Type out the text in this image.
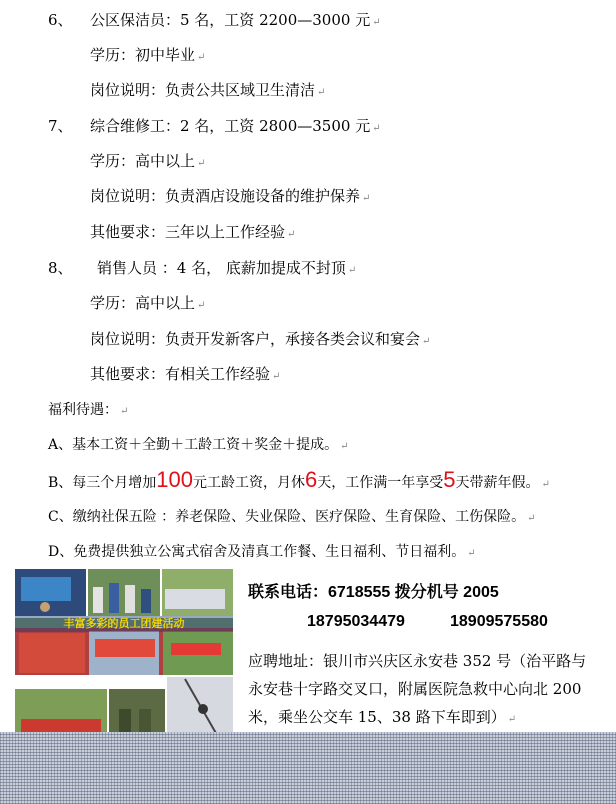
6、 公区保洁员：5 名，工资 2200—3000 元 ↵
学历：初中毕业 ↵
岗位说明：负责公共区域卫生清洁 ↵
7、 综合维修工：2 名，工资 2800—3500 元 ↵
学历：高中以上 ↵
岗位说明：负责酒店设施设备的维护保养 ↵
其他要求：三年以上工作经验 ↵
8、 销售人员 ：4 名， 底薪加提成不封顶 ↵
学历：高中以上 ↵
岗位说明：负责开发新客户，承接各类会议和宴会 ↵
其他要求：有相关工作经验 ↵
福利待遇： ↵
A、基本工资＋全勤＋工龄工资＋奖金＋提成。 ↵
B、每三个月增加100元工龄工资，月休6天，工作满一年享受5天带薪年假。 ↵
C、缴纳社保五险 ：养老保险、失业保险、医疗保险、生育保险、工伤保险。 ↵
D、免费提供独立公寓式宿舍及清真工作餐、生日福利、节日福利。 ↵
丰富多彩的员工团建活动
联系电话：6718555 拨分机号 2005
18795034479	18909575580
应聘地址：银川市兴庆区永安巷 352 号（治平路与永安巷十字路交叉口，附属医院急救中心向北 200 米，乘坐公交车 15、38 路下车即到） ↵
